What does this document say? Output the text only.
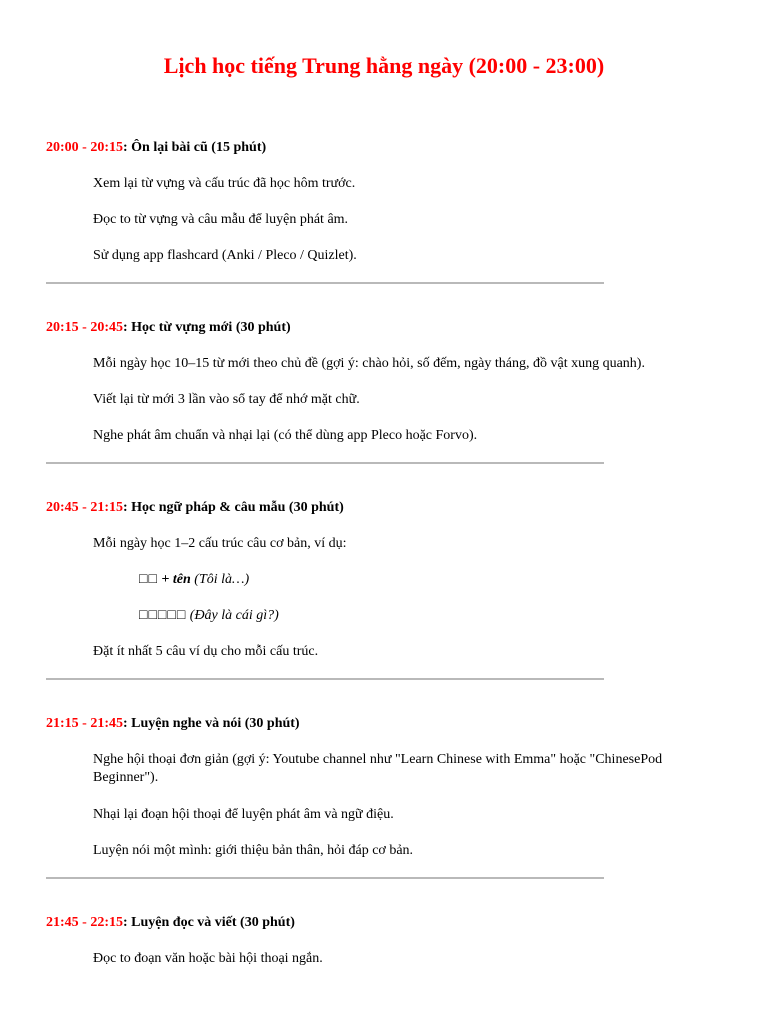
Lịch học tiếng Trung hằng ngày (20:00 - 23:00)
20:00 - 20:15: Ôn lại bài cũ (15 phút)
Xem lại từ vựng và cấu trúc đã học hôm trước.
Đọc to từ vựng và câu mẫu để luyện phát âm.
Sử dụng app flashcard (Anki / Pleco / Quizlet).
20:15 - 20:45: Học từ vựng mới (30 phút)
Mỗi ngày học 10–15 từ mới theo chủ đề (gợi ý: chào hỏi, số đếm, ngày tháng, đồ vật xung quanh).
Viết lại từ mới 3 lần vào sổ tay để nhớ mặt chữ.
Nghe phát âm chuẩn và nhại lại (có thể dùng app Pleco hoặc Forvo).
20:45 - 21:15: Học ngữ pháp & câu mẫu (30 phút)
Mỗi ngày học 1–2 cấu trúc câu cơ bản, ví dụ:
□□ + tên (Tôi là…)
□□□□□ (Đây là cái gì?)
Đặt ít nhất 5 câu ví dụ cho mỗi cấu trúc.
21:15 - 21:45: Luyện nghe và nói (30 phút)
Nghe hội thoại đơn giản (gợi ý: Youtube channel như "Learn Chinese with Emma" hoặc "ChinesePod Beginner").
Nhại lại đoạn hội thoại để luyện phát âm và ngữ điệu.
Luyện nói một mình: giới thiệu bản thân, hỏi đáp cơ bản.
21:45 - 22:15: Luyện đọc và viết (30 phút)
Đọc to đoạn văn hoặc bài hội thoại ngắn.
